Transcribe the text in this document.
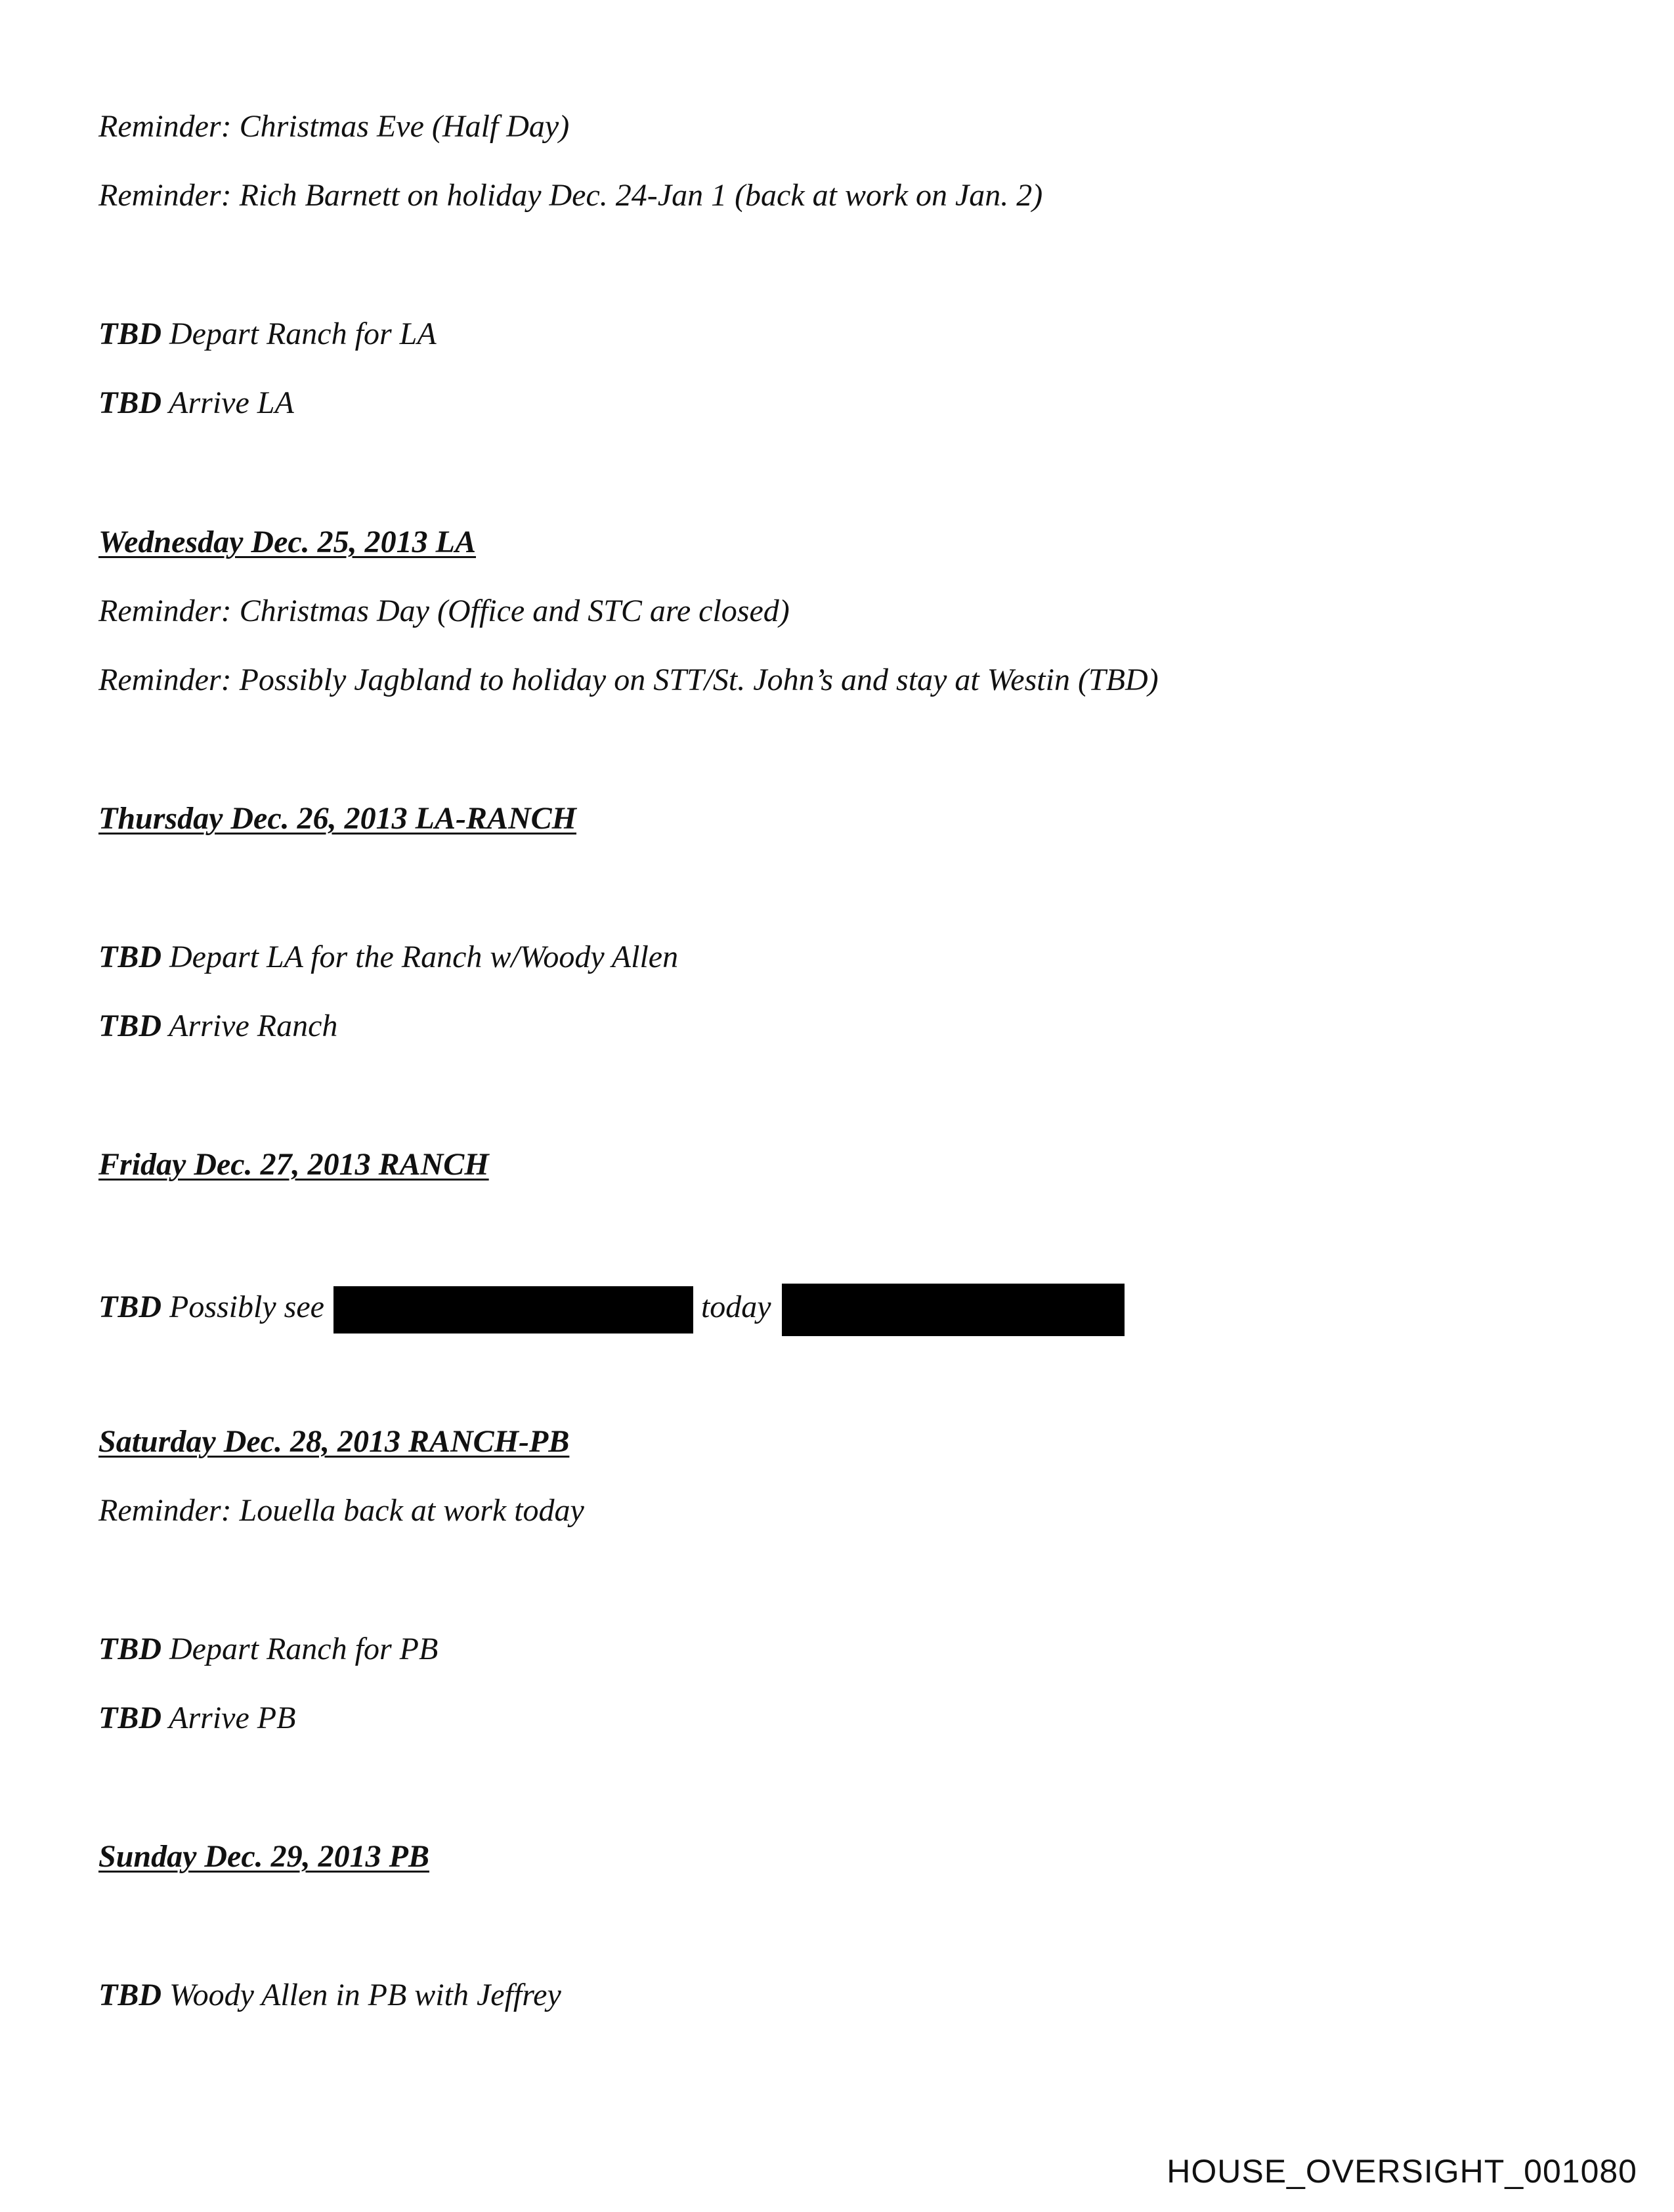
Reminder: Christmas Eve (Half Day)
Reminder: Rich Barnett on holiday Dec. 24-Jan 1 (back at work on Jan. 2)
TBD Depart Ranch for LA
TBD Arrive LA
Wednesday Dec. 25, 2013 LA
Reminder: Christmas Day (Office and STC are closed)
Reminder: Possibly Jagbland to holiday on STT/St. John’s and stay at Westin (TBD)
Thursday Dec. 26, 2013 LA-RANCH
TBD Depart LA for the Ranch w/Woody Allen
TBD Arrive Ranch
Friday Dec. 27, 2013 RANCH
TBD Possibly see	today
Saturday Dec. 28, 2013 RANCH-PB
Reminder: Louella back at work today
TBD Depart Ranch for PB
TBD Arrive PB
Sunday Dec. 29, 2013 PB
TBD Woody Allen in PB with Jeffrey
HOUSE_OVERSIGHT_001080
